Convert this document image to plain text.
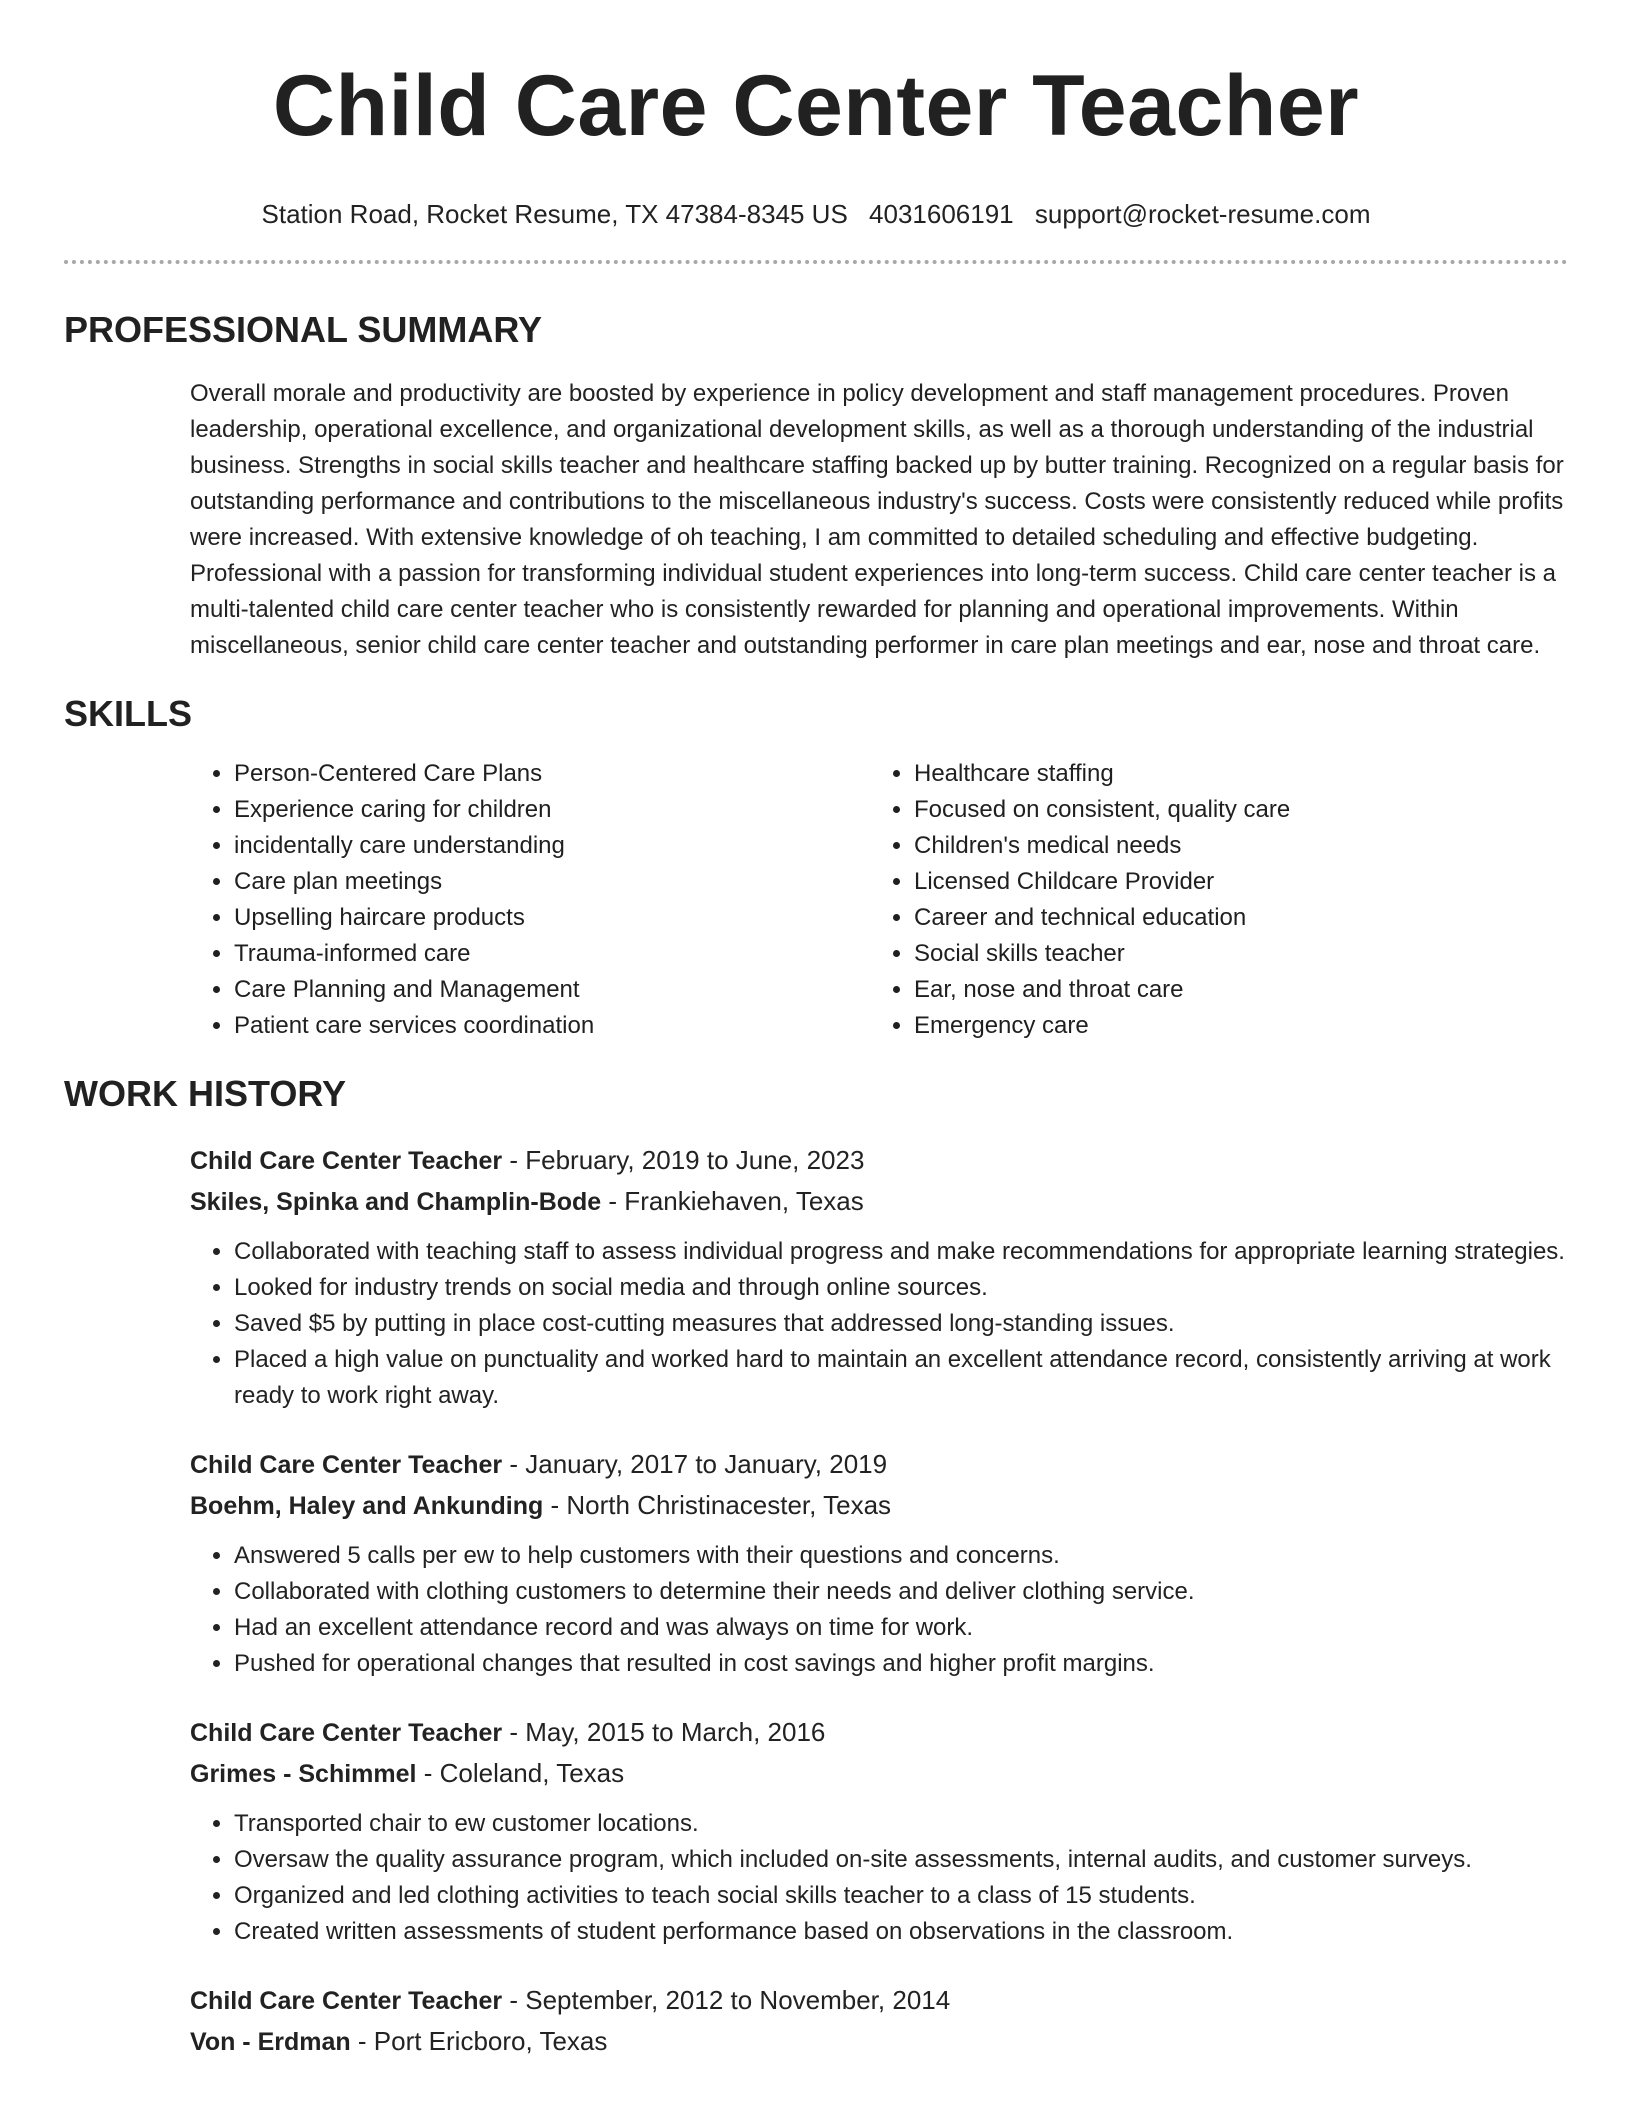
Child Care Center Teacher
Station Road, Rocket Resume, TX 47384-8345 US 4031606191 support@rocket-resume.com
PROFESSIONAL SUMMARY

Overall morale and productivity are boosted by experience in policy development and staff management procedures. Proven leadership, operational excellence, and organizational development skills, as well as a thorough understanding of the industrial business. Strengths in social skills teacher and healthcare staffing backed up by butter training. Recognized on a regular basis for outstanding performance and contributions to the miscellaneous industry's success. Costs were consistently reduced while profits were increased. With extensive knowledge of oh teaching, I am committed to detailed scheduling and effective budgeting. Professional with a passion for transforming individual student experiences into long-term success. Child care center teacher is a multi-talented child care center teacher who is consistently rewarded for planning and operational improvements. Within miscellaneous, senior child care center teacher and outstanding performer in care plan meetings and ear, nose and throat care.

SKILLS
• Person-Centered Care Plans
• Experience caring for children
• incidentally care understanding
• Care plan meetings
• Upselling haircare products
• Trauma-informed care
• Care Planning and Management
• Patient care services coordination
• Healthcare staffing
• Focused on consistent, quality care
• Children's medical needs
• Licensed Childcare Provider
• Career and technical education
• Social skills teacher
• Ear, nose and throat care
• Emergency care
WORK HISTORY
Child Care Center Teacher - February, 2019 to June, 2023
Skiles, Spinka and Champlin-Bode - Frankiehaven, Texas
• Collaborated with teaching staff to assess individual progress and make recommendations for appropriate learning strategies.
• Looked for industry trends on social media and through online sources.
• Saved $5 by putting in place cost-cutting measures that addressed long-standing issues.
• Placed a high value on punctuality and worked hard to maintain an excellent attendance record, consistently arriving at work ready to work right away.
Child Care Center Teacher - January, 2017 to January, 2019
Boehm, Haley and Ankunding - North Christinacester, Texas
• Answered 5 calls per ew to help customers with their questions and concerns.
• Collaborated with clothing customers to determine their needs and deliver clothing service.
• Had an excellent attendance record and was always on time for work.
• Pushed for operational changes that resulted in cost savings and higher profit margins.
Child Care Center Teacher - May, 2015 to March, 2016
Grimes - Schimmel - Coleland, Texas
• Transported chair to ew customer locations.
• Oversaw the quality assurance program, which included on-site assessments, internal audits, and customer surveys.
• Organized and led clothing activities to teach social skills teacher to a class of 15 students.
• Created written assessments of student performance based on observations in the classroom.
Child Care Center Teacher - September, 2012 to November, 2014
Von - Erdman - Port Ericboro, Texas
